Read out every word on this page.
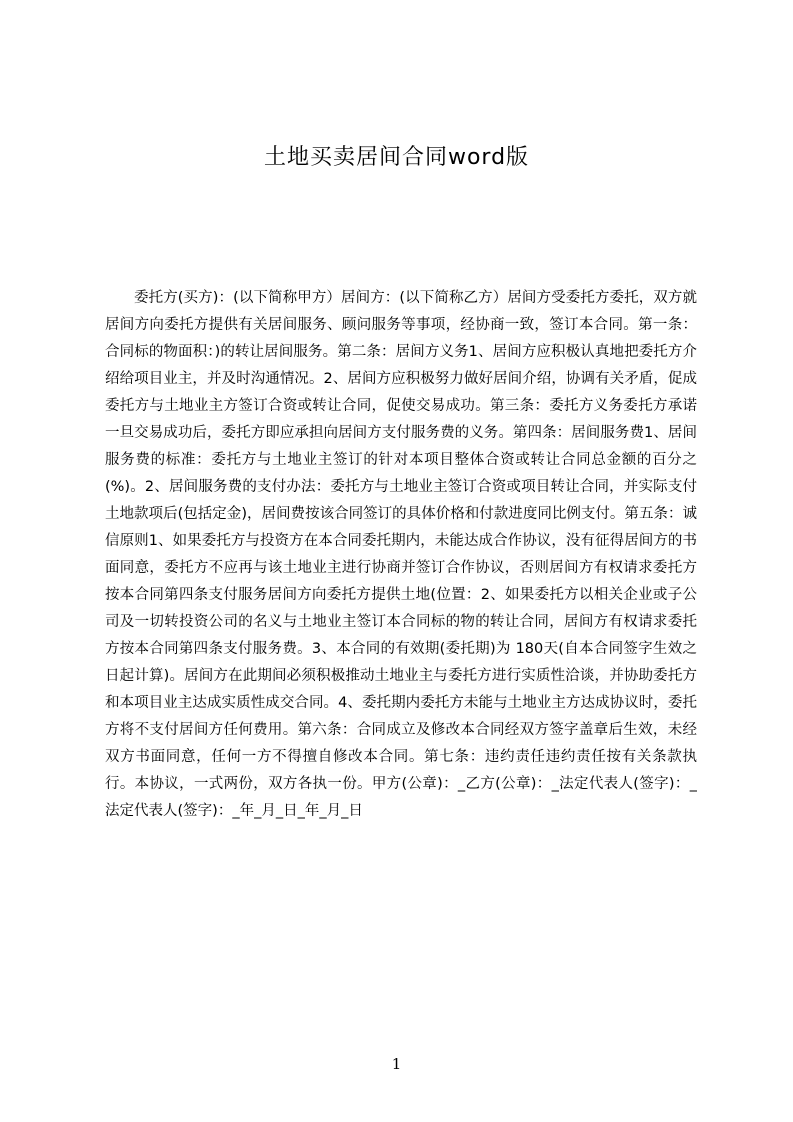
土地买卖居间合同word版

委托方(买方)：(以下简称甲方）居间方：(以下简称乙方）居间方受委托方委托，双方就居间方向委托方提供有关居间服务、顾问服务等事项，经协商一致，签订本合同。第一条：合同标的物面积：)的转让居间服务。第二条：居间方义务1、居间方应积极认真地把委托方介绍给项目业主，并及时沟通情况。2、居间方应积极努力做好居间介绍，协调有关矛盾，促成委托方与土地业主方签订合资或转让合同，促使交易成功。第三条：委托方义务委托方承诺一旦交易成功后，委托方即应承担向居间方支付服务费的义务。第四条：居间服务费1、居间服务费的标准：委托方与土地业主签订的针对本项目整体合资或转让合同总金额的百分之(%)。2、居间服务费的支付办法：委托方与土地业主签订合资或项目转让合同，并实际支付土地款项后(包括定金)，居间费按该合同签订的具体价格和付款进度同比例支付。第五条：诚信原则1、如果委托方与投资方在本合同委托期内，未能达成合作协议，没有征得居间方的书面同意，委托方不应再与该土地业主进行协商并签订合作协议，否则居间方有权请求委托方按本合同第四条支付服务居间方向委托方提供土地(位置：2、如果委托方以相关企业或子公司及一切转投资公司的名义与土地业主签订本合同标的物的转让合同，居间方有权请求委托方按本合同第四条支付服务费。3、本合同的有效期(委托期)为 180天(自本合同签字生效之日起计算)。居间方在此期间必须积极推动土地业主与委托方进行实质性洽谈，并协助委托方和本项目业主达成实质性成交合同。4、委托期内委托方未能与土地业主方达成协议时，委托方将不支付居间方任何费用。第六条：合同成立及修改本合同经双方签字盖章后生效，未经双方书面同意，任何一方不得擅自修改本合同。第七条：违约责任违约责任按有关条款执行。本协议，一式两份，双方各执一份。甲方(公章)：_乙方(公章)：_法定代表人(签字)：_法定代表人(签字)：_年_月_日_年_月_日

1
